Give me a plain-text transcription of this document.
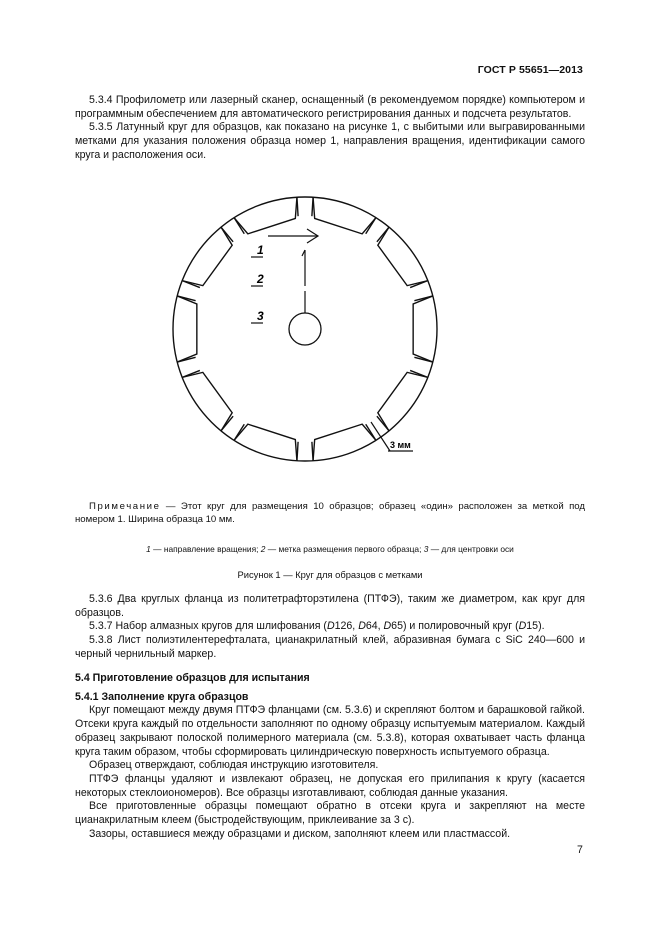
ГОСТ Р 55651—2013

5.3.4 Профилометр или лазерный сканер, оснащенный (в рекомендуемом порядке) компьютером и программным обеспечением для автоматического регистрирования данных и подсчета результатов.

5.3.5 Латунный круг для образцов, как показано на рисунке 1, с выбитыми или выгравированными метками для указания положения образца номер 1, направления вращения, идентификации самого круга и расположения оси.

1
2
3
3 мм

Примечание — Этот круг для размещения 10 образцов; образец «один» расположен за меткой под номером 1. Ширина образца 10 мм.

1 — направление вращения; 2 — метка размещения первого образца; 3 — для центровки оси

Рисунок 1 — Круг для образцов с метками

5.3.6 Два круглых фланца из политетрафторэтилена (ПТФЭ), таким же диаметром, как круг для образцов.

5.3.7 Набор алмазных кругов для шлифования (D126, D64, D65) и полировочный круг (D15).

5.3.8 Лист полиэтилентерефталата, цианакрилатный клей, абразивная бумага с SiC 240—600 и черный чернильный маркер.

5.4 Приготовление образцов для испытания

5.4.1 Заполнение круга образцов

Круг помещают между двумя ПТФЭ фланцами (см. 5.3.6) и скрепляют болтом и барашковой гайкой. Отсеки круга каждый по отдельности заполняют по одному образцу испытуемым материалом. Каждый образец закрывают полоской полимерного материала (см. 5.3.8), которая охватывает часть фланца круга таким образом, чтобы сформировать цилиндрическую поверхность испытуемого образца.

Образец отверждают, соблюдая инструкцию изготовителя.

ПТФЭ фланцы удаляют и извлекают образец, не допуская его прилипания к кругу (касается некоторых стеклоиономеров). Все образцы изготавливают, соблюдая данные указания.

Все приготовленные образцы помещают обратно в отсеки круга и закрепляют на месте цианакрилатным клеем (быстродействующим, приклеивание за 3 с).

Зазоры, оставшиеся между образцами и диском, заполняют клеем или пластмассой.

7
